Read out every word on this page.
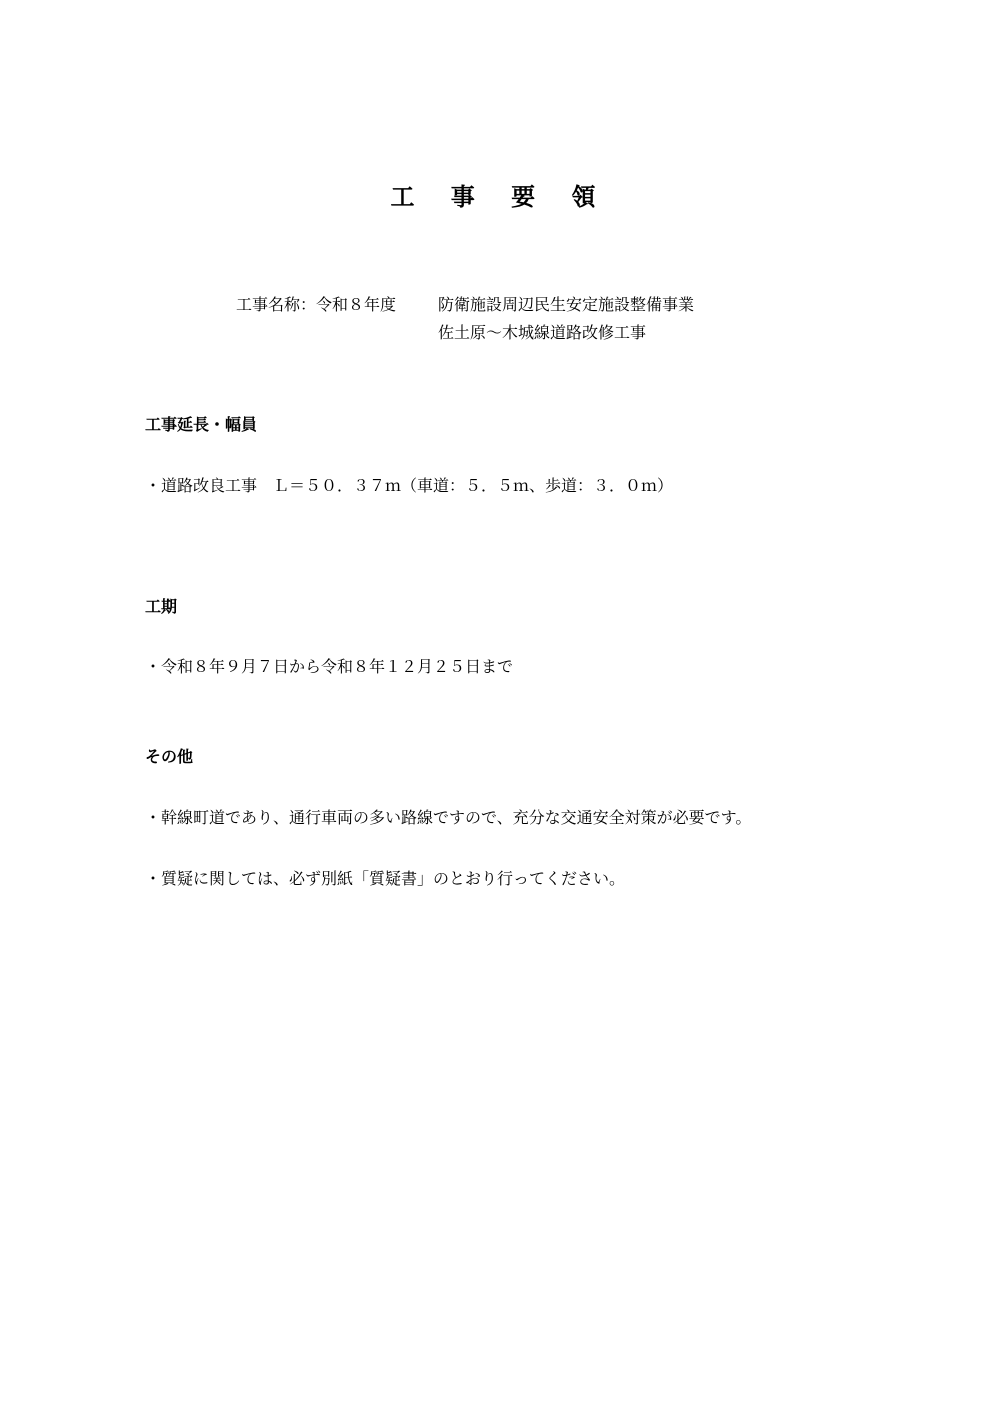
工 事 要 領
工事名称：令和８年度	防衛施設周辺民生安定施設整備事業
佐土原～木城線道路改修工事
工事延長・幅員
・道路改良工事　Ｌ＝５０．３７ｍ（車道：５．５ｍ、歩道：３．０ｍ）
工期
・令和８年９月７日から令和８年１２月２５日まで
その他
・幹線町道であり、通行車両の多い路線ですので、充分な交通安全対策が必要です。
・質疑に関しては、必ず別紙「質疑書」のとおり行ってください。
